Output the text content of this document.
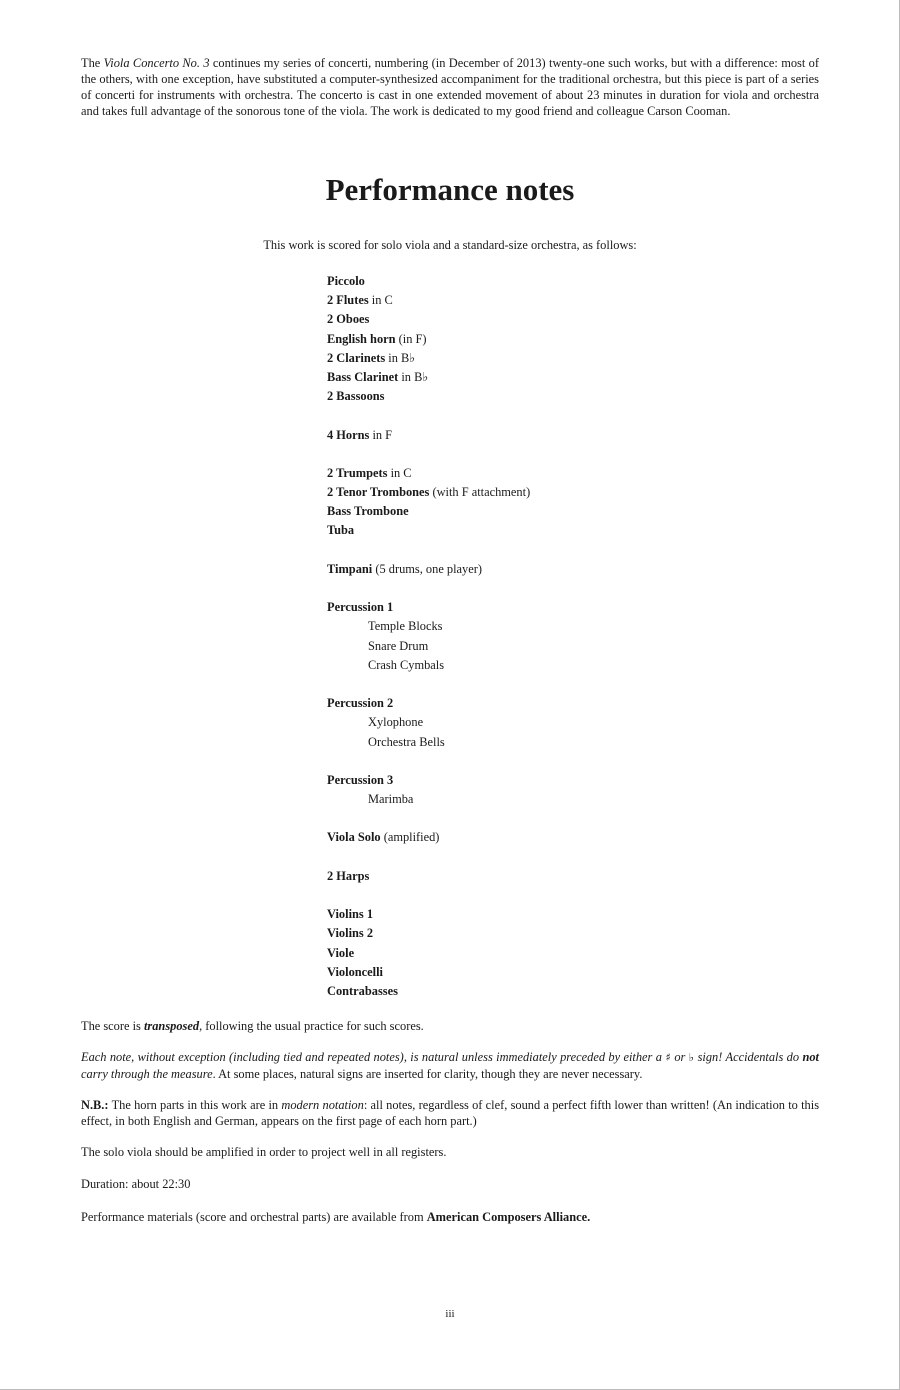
The Viola Concerto No. 3 continues my series of concerti, numbering (in December of 2013) twenty-one such works, but with a difference: most of the others, with one exception, have substituted a computer-synthesized accompaniment for the traditional orchestra, but this piece is part of a series of concerti for instruments with orchestra. The concerto is cast in one extended movement of about 23 minutes in duration for viola and orchestra and takes full advantage of the sonorous tone of the viola. The work is dedicated to my good friend and colleague Carson Cooman.
Performance notes
This work is scored for solo viola and a standard-size orchestra, as follows:
Piccolo
2 Flutes in C
2 Oboes
English horn (in F)
2 Clarinets in B♭
Bass Clarinet in B♭
2 Bassoons
4 Horns in F
2 Trumpets in C
2 Tenor Trombones (with F attachment)
Bass Trombone
Tuba
Timpani (5 drums, one player)
Percussion 1
Temple Blocks
Snare Drum
Crash Cymbals
Percussion 2
Xylophone
Orchestra Bells
Percussion 3
Marimba
Viola Solo (amplified)
2 Harps
Violins 1
Violins 2
Viole
Violoncelli
Contrabasses

The score is transposed, following the usual practice for such scores.

Each note, without exception (including tied and repeated notes), is natural unless immediately preceded by either a ♯ or ♭ sign! Accidentals do not carry through the measure. At some places, natural signs are inserted for clarity, though they are never necessary.

N.B.: The horn parts in this work are in modern notation: all notes, regardless of clef, sound a perfect fifth lower than written! (An indication to this effect, in both English and German, appears on the first page of each horn part.)

The solo viola should be amplified in order to project well in all registers.

Duration: about 22:30

Performance materials (score and orchestral parts) are available from American Composers Alliance.

iii
